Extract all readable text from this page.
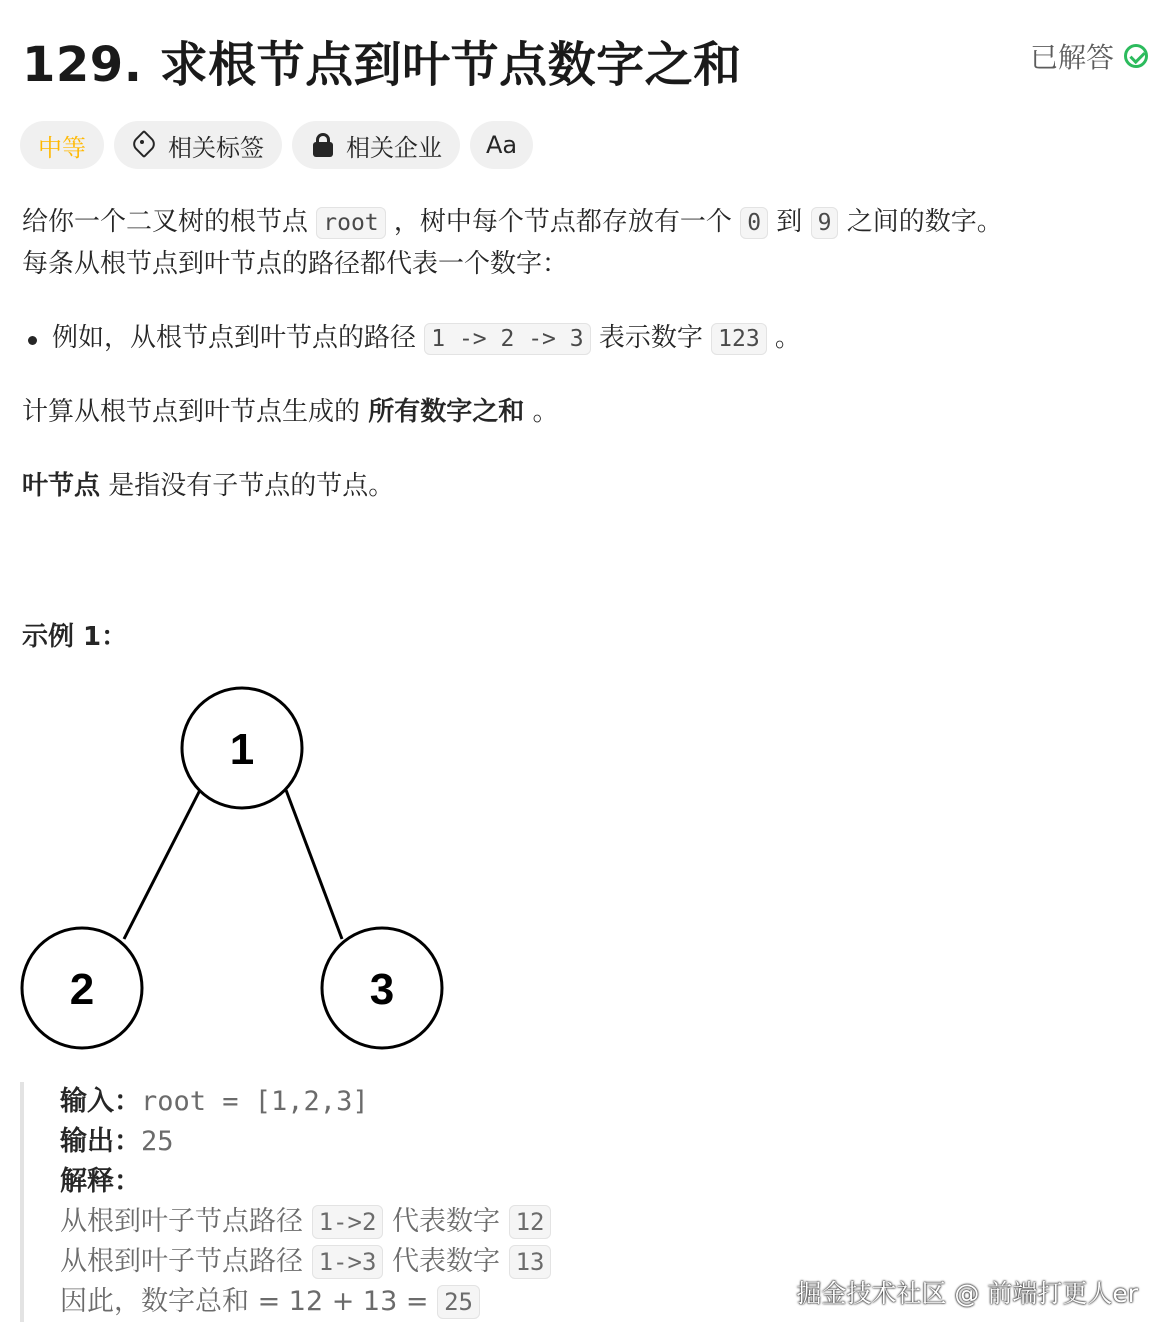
129. 求根节点到叶节点数字之和	已解答
中等	相关标签	相关企业 Aa
给你一个二叉树的根节点 root ，树中每个节点都存放有一个 0 到 9 之间的数字。
每条从根节点到叶节点的路径都代表一个数字：
例如，从根节点到叶节点的路径 1 -> 2 -> 3 表示数字 123 。
计算从根节点到叶节点生成的 所有数字之和 。
叶节点 是指没有子节点的节点。
示例 1：
1
2	3
输入：root = [1,2,3]
输出：25
解释：
从根到叶子节点路径 1->2 代表数字 12
从根到叶子节点路径 1->3 代表数字 13
因此，数字总和 = 12 + 13 = 25	掘金技术社区 @ 前端打更人er
